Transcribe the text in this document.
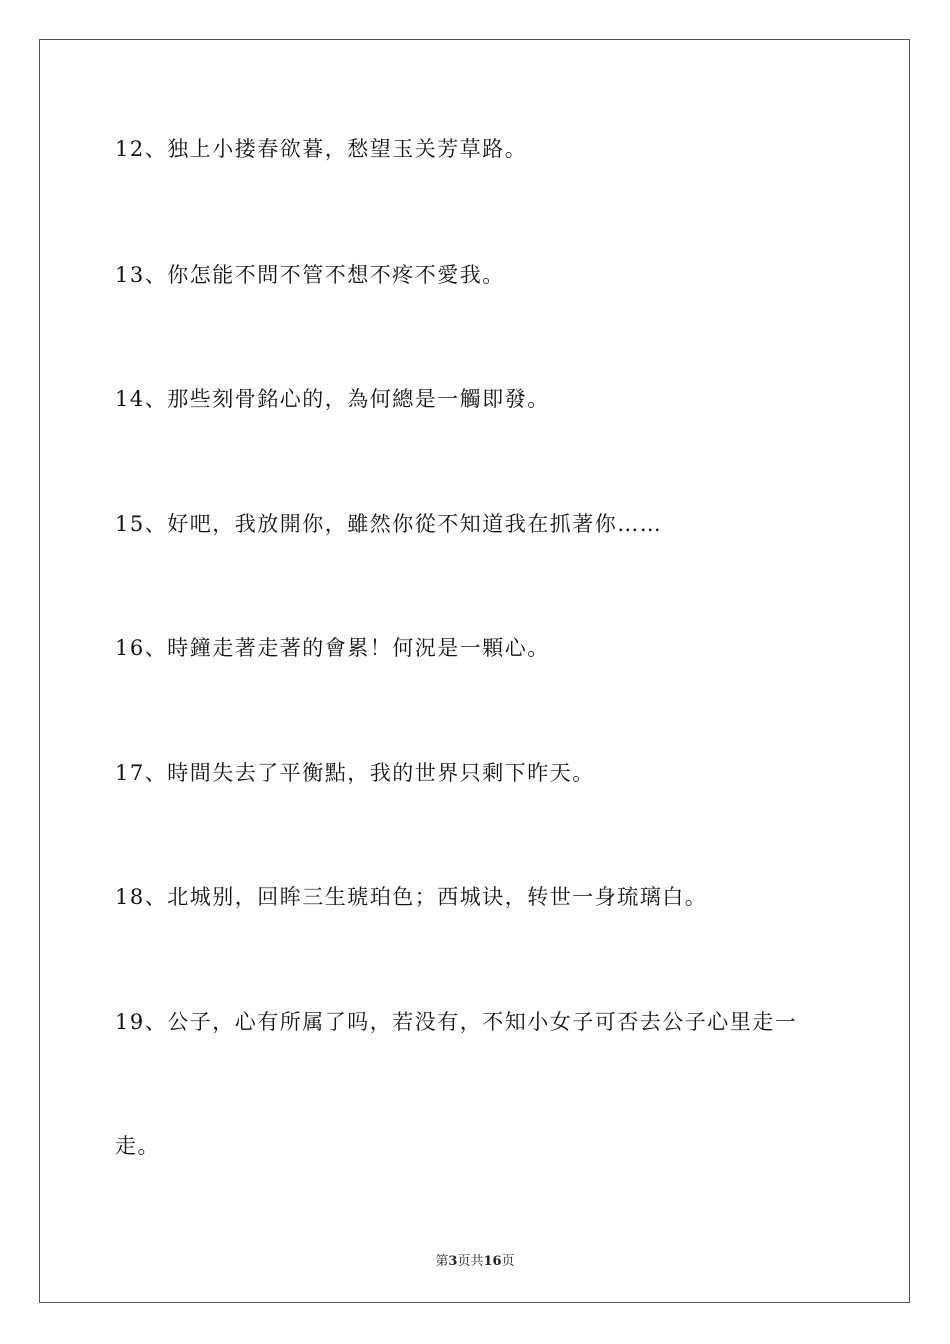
12、独上小搂春欲暮，愁望玉关芳草路。
13、你怎能不問不管不想不疼不愛我。
14、那些刻骨銘心的，為何總是一觸即發。
15、好吧，我放開你，雖然你從不知道我在抓著你……
16、時鐘走著走著的會累！何況是一顆心。
17、時間失去了平衡點，我的世界只剩下昨天。
18、北城别，回眸三生琥珀色；西城诀，转世一身琉璃白。
19、公子，心有所属了吗，若没有，不知小女子可否去公子心里走一
走。
第3页共16页
